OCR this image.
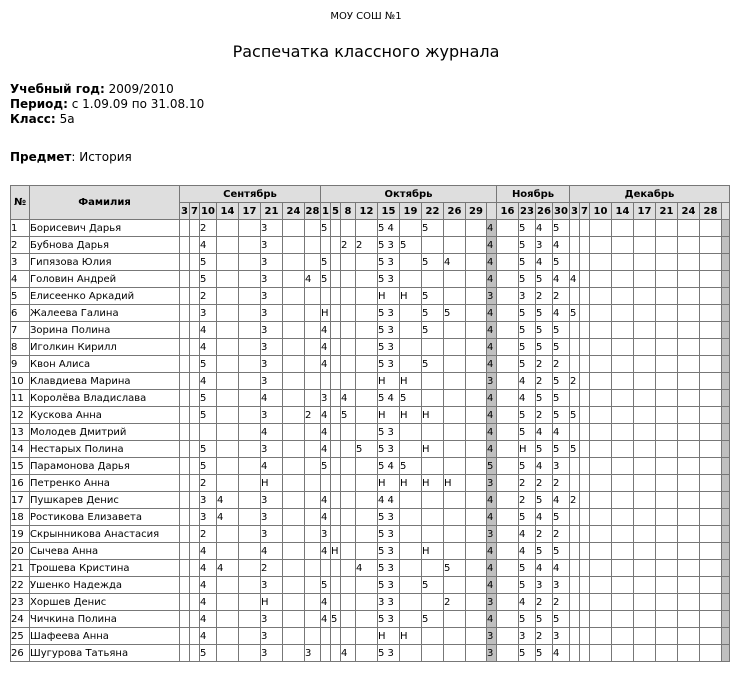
МОУ СОШ №1
Распечатка классного журнала
Учебный год: 2009/2010
Период: с 1.09.09 по 31.08.10
Класс: 5а
Предмет: История
№	Фамилия	Сентябрь								Октябрь										Ноябрь				Декабрь								
		3	7	10	14	17	21	24	28	1	5	8	12	15	19	22	26	29		16	23	26	30	3	7	10	14	17	21	24	28	
1	Борисевич Дарья			2			3			5				5 4		5			4		5	4	5									
2	Бубнова Дарья			4			3					2	2	5 3	5				4		5	3	4									
3	Гипязова Юлия			5			3			5				5 3		5	4		4		5	4	5									
4	Головин Андрей			5			3		4	5				5 3					4		5	5	4	4								
5	Елисеенко Аркадий			2			3							Н	Н	5			3		3	2	2									
6	Жалеева Галина			3			3			Н				5 3		5	5		4		5	5	4	5								
7	Зорина Полина			4			3			4				5 3		5			4		5	5	5									
8	Иголкин Кирилл			4			3			4				5 3					4		5	5	5									
9	Квон Алиса			5			3			4				5 3		5			4		5	2	2									
10	Клавдиева Марина			4			3							Н	Н				3		4	2	5	2								
11	Королёва Владислава			5			4			3		4		5 4	5				4		4	5	5									
12	Кускова Анна			5			3		2	4		5		Н	Н	Н			4		5	2	5	5								
13	Молодев Дмитрий						4			4				5 3					4		5	4	4									
14	Нестарых Полина			5			3			4			5	5 3		Н			4		Н	5	5	5								
15	Парамонова Дарья			5			4			5				5 4	5				5		5	4	3									
16	Петренко Анна			2			Н							Н	Н	Н	Н		3		2	2	2									
17	Пушкарев Денис			3	4		3			4				4 4					4		2	5	4	2								
18	Ростикова Елизавета			3	4		3			4				5 3					4		5	4	5									
19	Скрынникова Анастасия			2			3			3				5 3					3		4	2	2									
20	Сычева Анна			4			4			4	Н			5 3		Н			4		4	5	5									
21	Трошева Кристина			4	4		2						4	5 3			5		4		5	4	4									
22	Ушенко Надежда			4			3			5				5 3		5			4		5	3	3									
23	Хоршев Денис			4			Н			4				3 3			2		3		4	2	2									
24	Чичкина Полина			4			3			4	5			5 3		5			4		5	5	5									
25	Шафеева Анна			4			3							Н	Н				3		3	2	3									
26	Шугурова Татьяна			5			3		3			4		5 3					3		5	5	4									
